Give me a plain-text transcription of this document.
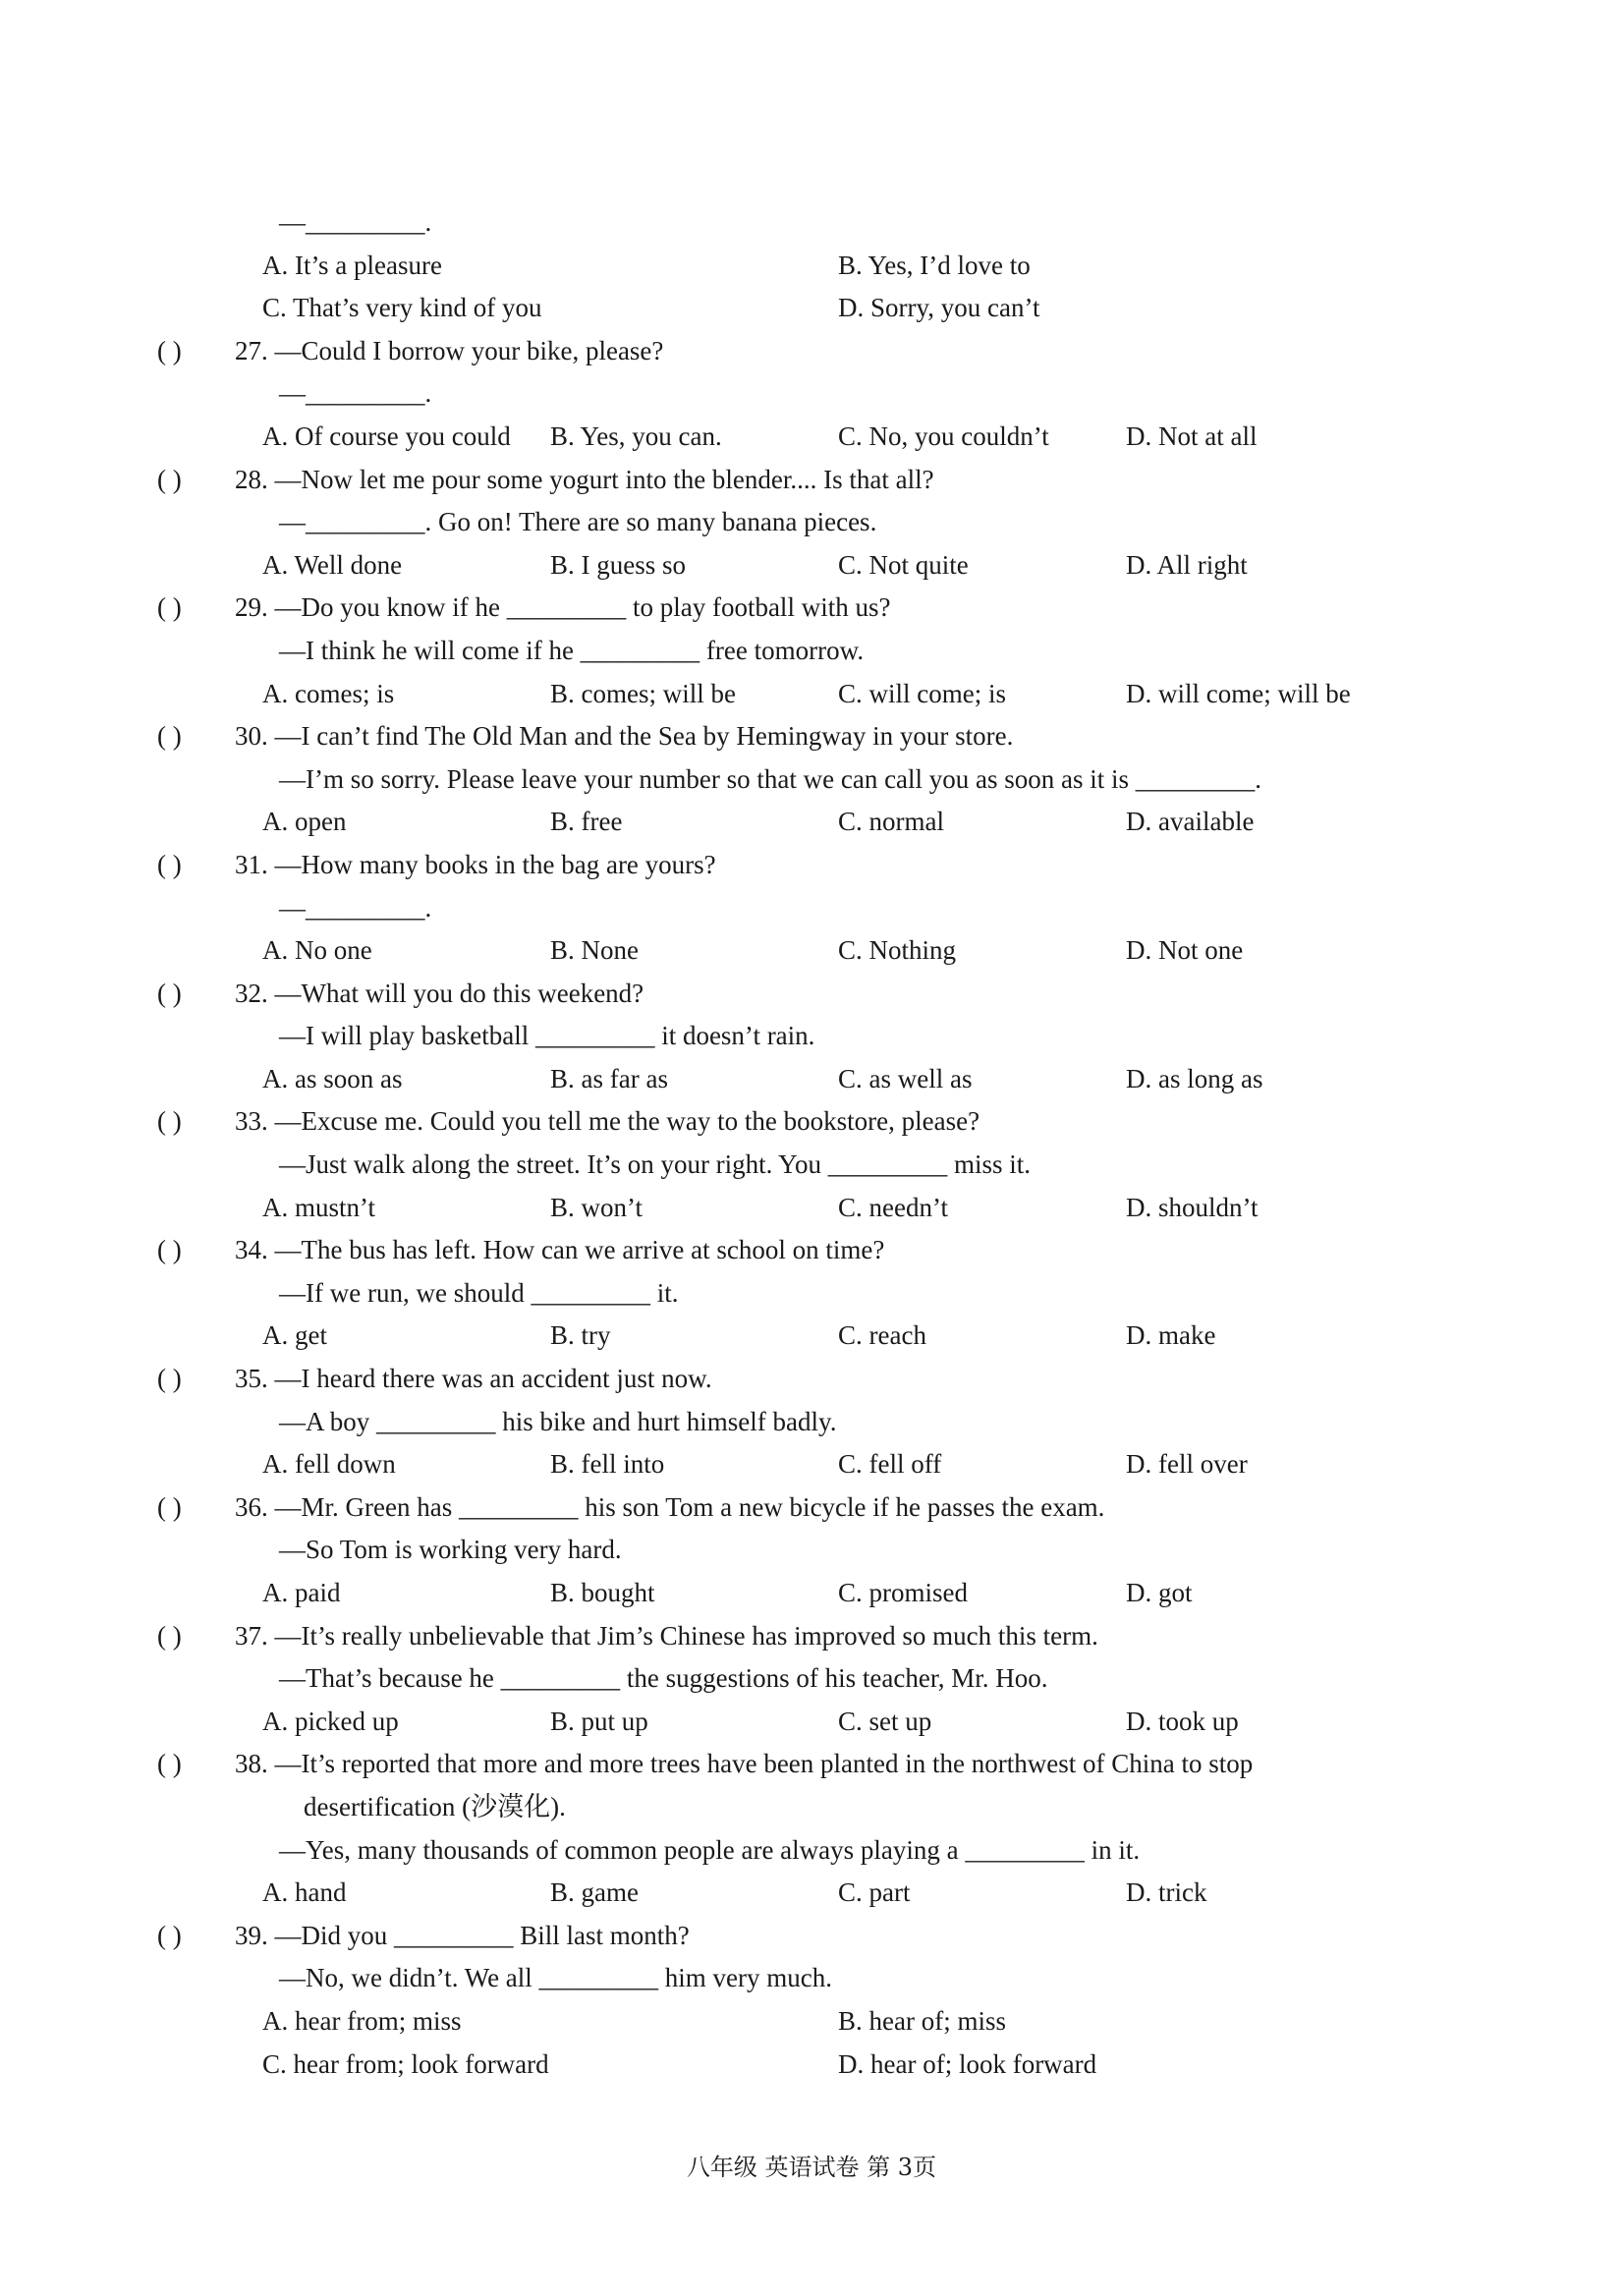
—_________.
A. It’s a pleasure	B. Yes, I’d love to
C. That’s very kind of you	D. Sorry, you can’t
( ) 27. —Could I borrow your bike, please?
—_________.
A. Of course you could B. Yes, you can.	C. No, you couldn’t	D. Not at all
( ) 28. —Now let me pour some yogurt into the blender.... Is that all?
—_________. Go on! There are so many banana pieces.
A. Well done	B. I guess so	C. Not quite	D. All right
( ) 29. —Do you know if he _________ to play football with us?
—I think he will come if he _________ free tomorrow.
A. comes; is	B. comes; will be	C. will come; is	D. will come; will be
( ) 30. —I can’t find The Old Man and the Sea by Hemingway in your store.
—I’m so sorry. Please leave your number so that we can call you as soon as it is _________.
A. open	B. free	C. normal	D. available
( ) 31. —How many books in the bag are yours?
—_________.
A. No one	B. None	C. Nothing	D. Not one
( ) 32. —What will you do this weekend?
—I will play basketball _________ it doesn’t rain.
A. as soon as	B. as far as	C. as well as	D. as long as
( ) 33. —Excuse me. Could you tell me the way to the bookstore, please?
—Just walk along the street. It’s on your right. You _________ miss it.
A. mustn’t	B. won’t	C. needn’t	D. shouldn’t
( ) 34. —The bus has left. How can we arrive at school on time?
—If we run, we should _________ it.
A. get	B. try	C. reach	D. make
( ) 35. —I heard there was an accident just now.
—A boy _________ his bike and hurt himself badly.
A. fell down	B. fell into	C. fell off	D. fell over
( ) 36. —Mr. Green has _________ his son Tom a new bicycle if he passes the exam.
—So Tom is working very hard.
A. paid	B. bought	C. promised	D. got
( ) 37. —It’s really unbelievable that Jim’s Chinese has improved so much this term.
—That’s because he _________ the suggestions of his teacher, Mr. Hoo.
A. picked up	B. put up	C. set up	D. took up
( ) 38. —It’s reported that more and more trees have been planted in the northwest of China to stop
desertification (沙漠化).
—Yes, many thousands of common people are always playing a _________ in it.
A. hand	B. game	C. part	D. trick
( ) 39. —Did you _________ Bill last month?
—No, we didn’t. We all _________ him very much.
A. hear from; miss	B. hear of; miss
C. hear from; look forward	D. hear of; look forward
八年级 英语试卷 第 3页
